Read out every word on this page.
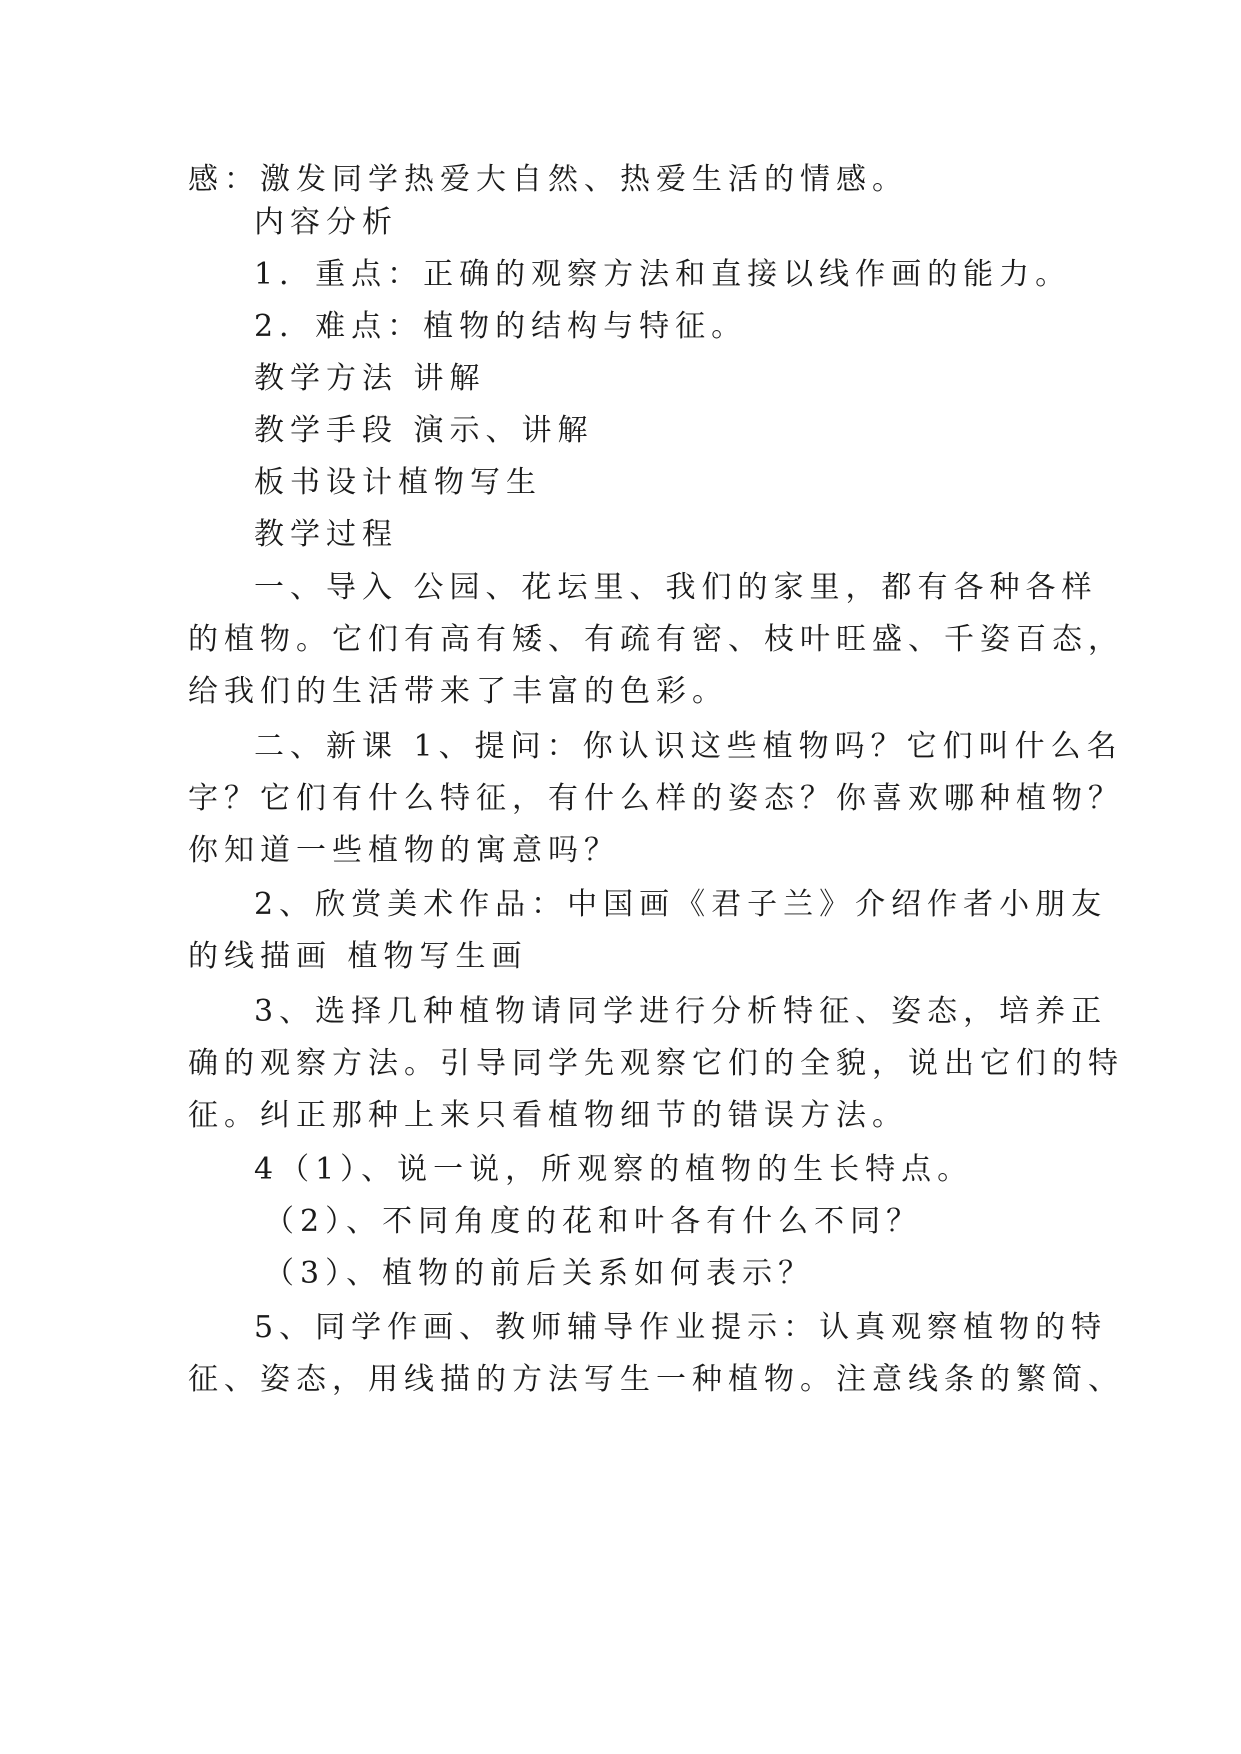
感：激发同学热爱大自然、热爱生活的情感。
内容分析
1．重点：正确的观察方法和直接以线作画的能力。
2．难点：植物的结构与特征。
教学方法 讲解
教学手段 演示、讲解
板书设计植物写生
教学过程
一、导入 公园、花坛里、我们的家里，都有各种各样
的植物。它们有高有矮、有疏有密、枝叶旺盛、千姿百态，
给我们的生活带来了丰富的色彩。
二、新课 1、提问：你认识这些植物吗？它们叫什么名
字？它们有什么特征，有什么样的姿态？你喜欢哪种植物？
你知道一些植物的寓意吗？
2、欣赏美术作品：中国画《君子兰》介绍作者小朋友
的线描画 植物写生画
3、选择几种植物请同学进行分析特征、姿态，培养正
确的观察方法。引导同学先观察它们的全貌，说出它们的特
征。纠正那种上来只看植物细节的错误方法。
4（1）、说一说，所观察的植物的生长特点。
（2）、不同角度的花和叶各有什么不同？
（3）、植物的前后关系如何表示？
5、同学作画、教师辅导作业提示：认真观察植物的特
征、姿态，用线描的方法写生一种植物。注意线条的繁简、
